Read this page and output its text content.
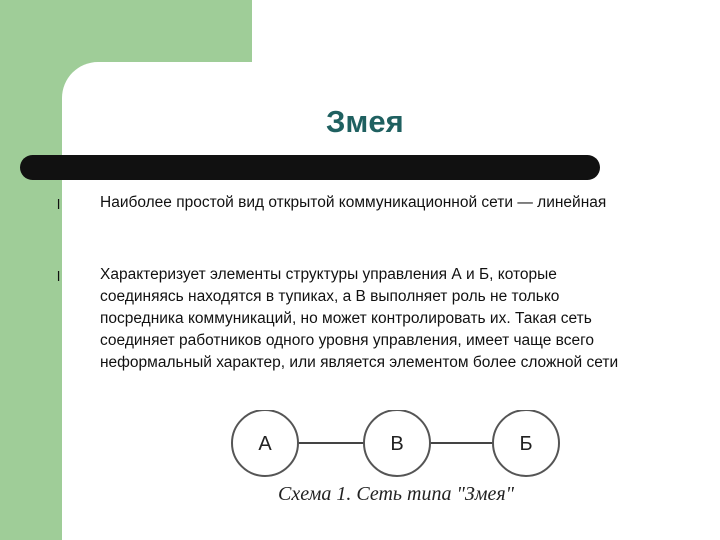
Змея
l	Наиболее простой вид открытой коммуникационной сети — линейная
l	Характеризует элементы структуры управления А и Б, которые соединяясь находятся в тупиках, а В выполняет роль не только посредника коммуникаций, но может контролировать их. Такая сеть соединяет работников одного уровня управления, имеет чаще всего неформальный характер, или является элементом более сложной сети
А	В	Б
Схема 1. Сеть типа "Змея"
